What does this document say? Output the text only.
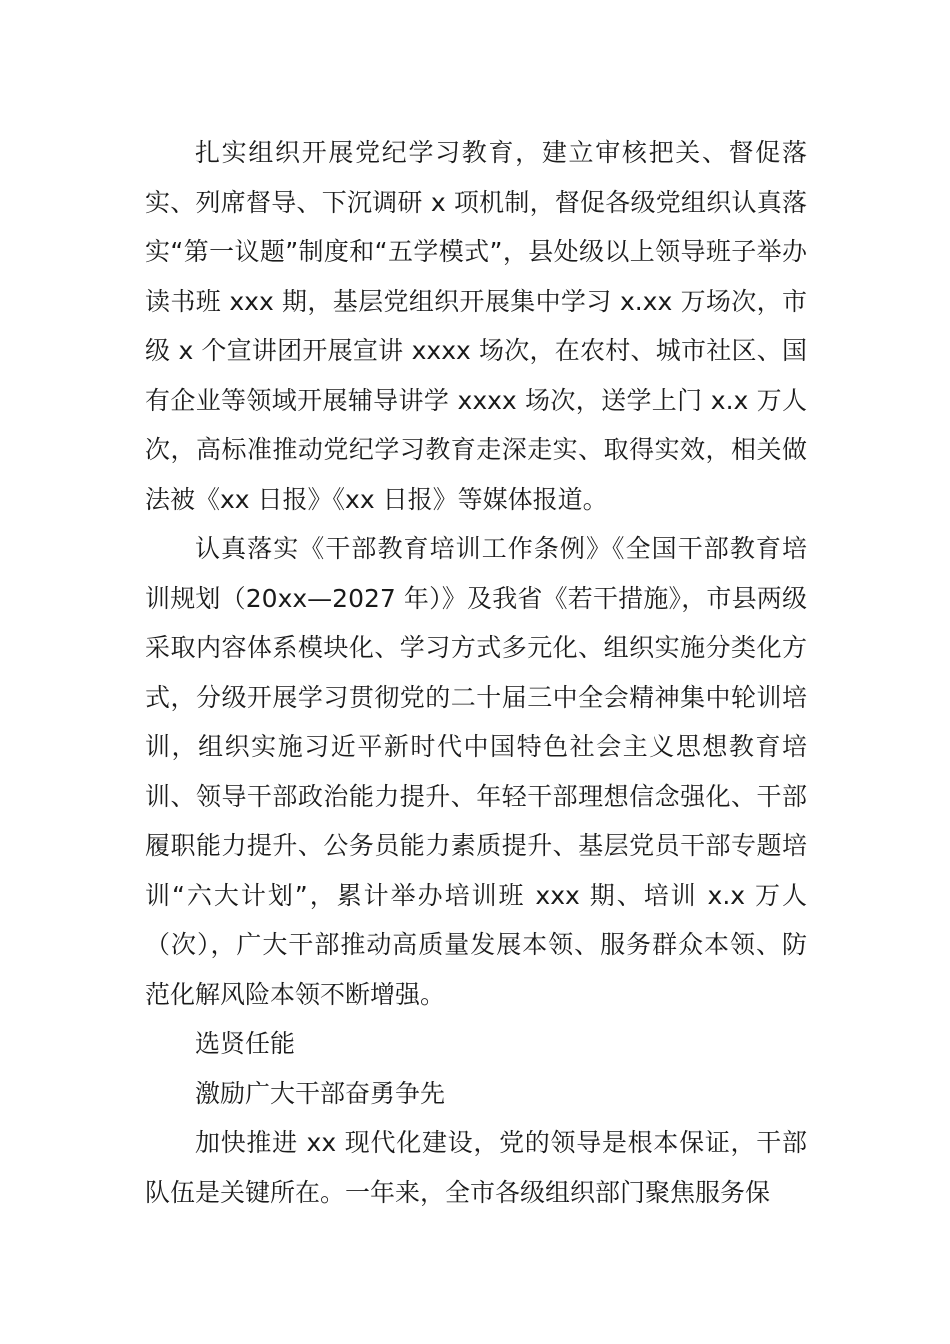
扎实组织开展党纪学习教育，建立审核把关、督促落实、列席督导、下沉调研 x 项机制，督促各级党组织认真落实“第一议题”制度和“五学模式”，县处级以上领导班子举办读书班 xxx 期，基层党组织开展集中学习 x.xx 万场次，市级 x 个宣讲团开展宣讲 xxxx 场次，在农村、城市社区、国有企业等领域开展辅导讲学 xxxx 场次，送学上门 x.x 万人次，高标准推动党纪学习教育走深走实、取得实效，相关做法被《xx 日报》《xx 日报》等媒体报道。

认真落实《干部教育培训工作条例》《全国干部教育培训规划（20xx—2027 年）》及我省《若干措施》，市县两级采取内容体系模块化、学习方式多元化、组织实施分类化方式，分级开展学习贯彻党的二十届三中全会精神集中轮训培训，组织实施习近平新时代中国特色社会主义思想教育培训、领导干部政治能力提升、年轻干部理想信念强化、干部履职能力提升、公务员能力素质提升、基层党员干部专题培训“六大计划”，累计举办培训班 xxx 期、培训 x.x 万人（次），广大干部推动高质量发展本领、服务群众本领、防范化解风险本领不断增强。

选贤任能

激励广大干部奋勇争先

加快推进 xx 现代化建设，党的领导是根本保证，干部队伍是关键所在。一年来，全市各级组织部门聚焦服务保
